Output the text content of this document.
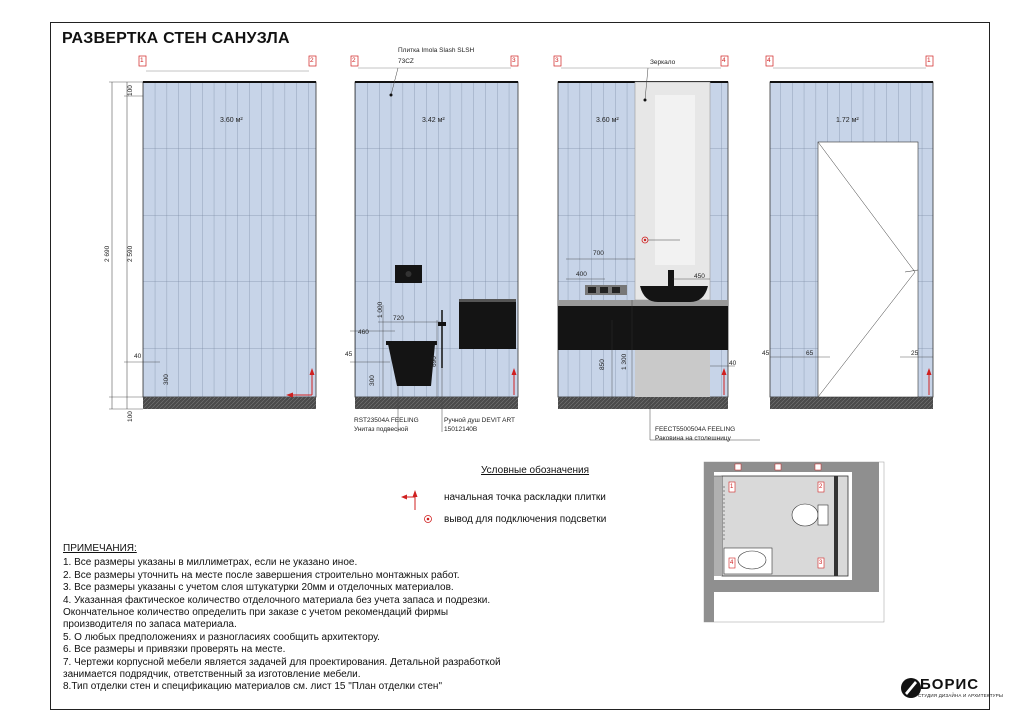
РАЗВЕРТКА СТЕН САНУЗЛА
1	2	2	3	3	4	4	1
3.60 м²	3.42 м²	3.60 м²	1.72 м²
100
2 690 2 590
300
100
40
Плитка Imola Slash SLSH
73CZ
1 000
720
460
45
300
690
RST23504A FEELING
Унитаз подвесной
Ручной душ DEVIT ART
15012140B
Зеркало
700
400	450
850 1 300	40
FEECT5500504A FEELING
Раковина на столешницу
45	65	25
Условные обозначения
начальная точка раскладки плитки
вывод для подключения подсветки
1	2
3
4
ПРИМЕЧАНИЯ:
1. Все размеры указаны в миллиметрах, если не указано иное.
2. Все размеры уточнить на месте после завершения строительно монтажных работ.
3. Все размеры указаны с учетом слоя штукатурки 20мм и отделочных материалов.
4. Указанная фактическое количество отделочного материала без учета запаса и подрезки.
Окончательное количество определить при заказе с учетом рекомендаций фирмы
производителя по запаса материала.
5. О любых предположениях и разногласиях сообщить архитектору.
6. Все размеры и привязки проверять на месте.
7. Чертежи корпусной мебели является задачей для проектирования. Детальной разработкой
занимается подрядчик, ответственный за изготовление мебели.
8.Тип отделки стен и спецификацию материалов см. лист 15 "План отделки стен"	БОРИС
СТУДИЯ ДИЗАЙНА И АРХИТЕКТУРЫ
